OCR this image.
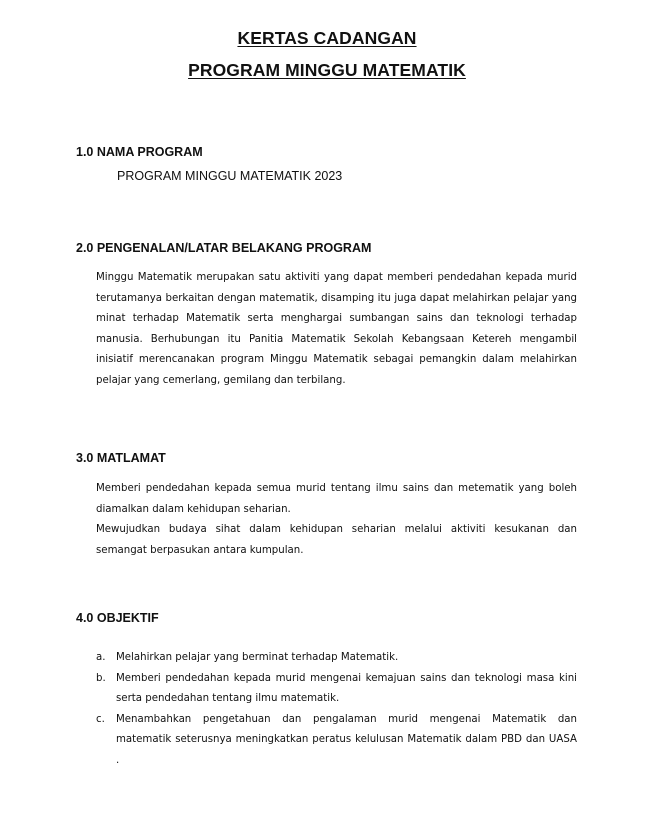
KERTAS CADANGAN
PROGRAM MINGGU MATEMATIK
1.0 NAMA PROGRAM
PROGRAM MINGGU MATEMATIK 2023
2.0 PENGENALAN/LATAR BELAKANG PROGRAM

Minggu Matematik merupakan satu aktiviti yang dapat memberi pendedahan kepada murid terutamanya berkaitan dengan matematik, disamping itu juga dapat melahirkan pelajar yang minat terhadap Matematik serta menghargai sumbangan sains dan teknologi terhadap manusia. Berhubungan itu Panitia Matematik Sekolah Kebangsaan Ketereh mengambil inisiatif merencanakan program Minggu Matematik sebagai pemangkin dalam melahirkan pelajar yang cemerlang, gemilang dan terbilang.

3.0 MATLAMAT

Memberi pendedahan kepada semua murid tentang ilmu sains dan metematik yang boleh diamalkan dalam kehidupan seharian.

Mewujudkan budaya sihat dalam kehidupan seharian melalui aktiviti kesukanan dan semangat berpasukan antara kumpulan.

4.0 OBJEKTIF
a. Melahirkan pelajar yang berminat terhadap Matematik.
b. Memberi pendedahan kepada murid mengenai kemajuan sains dan teknologi masa kini serta pendedahan tentang ilmu matematik.
c. Menambahkan pengetahuan dan pengalaman murid mengenai Matematik dan matematik seterusnya meningkatkan peratus kelulusan Matematik dalam PBD dan UASA .
